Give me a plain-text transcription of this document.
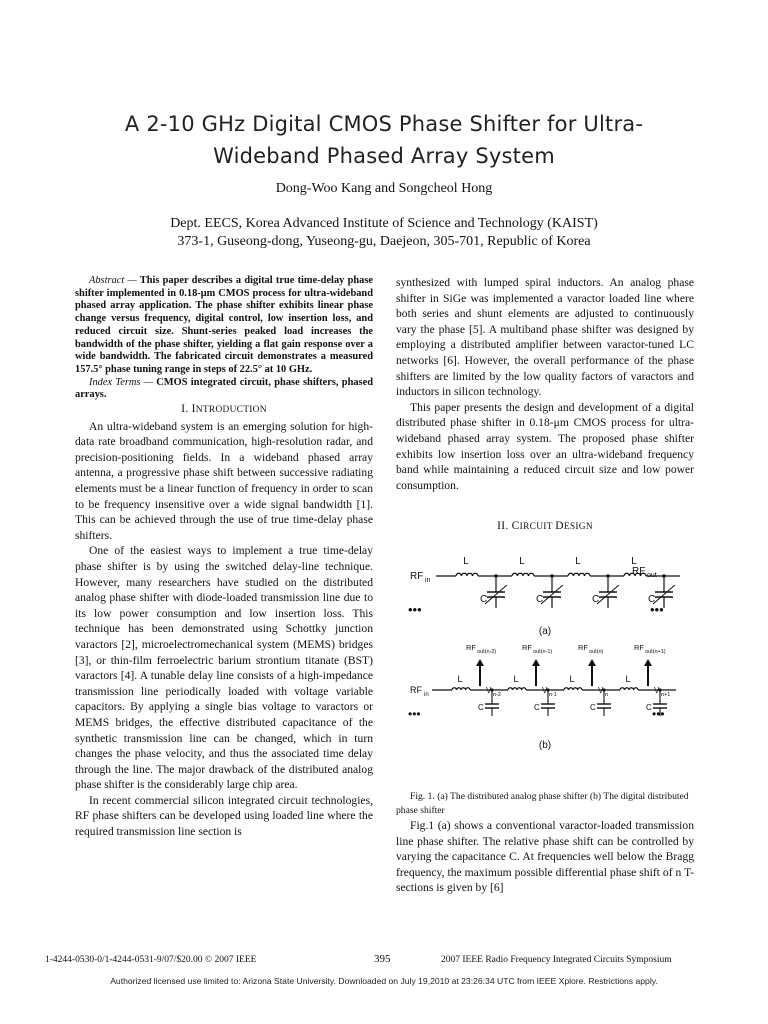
A 2-10 GHz Digital CMOS Phase Shifter for Ultra-
Wideband Phased Array System
Dong-Woo Kang and Songcheol Hong
Dept. EECS, Korea Advanced Institute of Science and Technology (KAIST)
373-1, Guseong-dong, Yuseong-gu, Daejeon, 305-701, Republic of Korea

Abstract — This paper describes a digital true time-delay phase shifter implemented in 0.18-μm CMOS process for ultra-wideband phased array application. The phase shifter exhibits linear phase change versus frequency, digital control, low insertion loss, and reduced circuit size. Shunt-series peaked load increases the bandwidth of the phase shifter, yielding a flat gain response over a wide bandwidth. The fabricated circuit demonstrates a measured 157.5° phase tuning range in steps of 22.5° at 10 GHz.

Index Terms — CMOS integrated circuit, phase shifters, phased arrays.

I. INTRODUCTION

An ultra-wideband system is an emerging solution for high-data rate broadband communication, high-resolution radar, and precision-positioning fields. In a wideband phased array antenna, a progressive phase shift between successive radiating elements must be a linear function of frequency in order to scan to be frequency insensitive over a wide signal bandwidth [1]. This can be achieved through the use of true time-delay phase shifters.

One of the easiest ways to implement a true time-delay phase shifter is by using the switched delay-line technique. However, many researchers have studied on the distributed analog phase shifter with diode-loaded transmission line due to its low power consumption and low insertion loss. This technique has been demonstrated using Schottky junction varactors [2], microelectromechanical system (MEMS) bridges [3], or thin-film ferroelectric barium strontium titanate (BST) varactors [4]. A tunable delay line consists of a high-impedance transmission line periodically loaded with voltage variable capacitors. By applying a single bias voltage to varactors or MEMS bridges, the effective distributed capacitance of the synthetic transmission line can be changed, which in turn changes the phase velocity, and thus the associated time delay through the line. The major drawback of the distributed analog phase shifter is the considerably large chip area.

In recent commercial silicon integrated circuit technologies, RF phase shifters can be developed using loaded line where the required transmission line section is

synthesized with lumped spiral inductors. An analog phase shifter in SiGe was implemented a varactor loaded line where both series and shunt elements are adjusted to continuously vary the phase [5]. A multiband phase shifter was designed by employing a distributed amplifier between varactor-tuned LC networks [6]. However, the overall performance of the phase shifters are limited by the low quality factors of varactors and inductors in silicon technology.

This paper presents the design and development of a digital distributed phase shifter in 0.18-μm CMOS process for ultra-wideband phased array system. The proposed phase shifter exhibits low insertion loss over an ultra-wideband frequency band while maintaining a reduced circuit size and low power consumption.

II. CIRCUIT DESIGN

RF in
L
C
L
C
L
C
L
C
RF out
•••	•••
(a)
RF in
L
V n-2
RF out(n-2)
C
L
V n-1
RF out(n-1)
C
L
V n
RF out(n)
C
L
V n+1
RF out(n+1)
C
•••	•••
(b)

Fig. 1. (a) The distributed analog phase shifter (b) The digital distributed phase shifter

Fig.1 (a) shows a conventional varactor-loaded transmission line phase shifter. The relative phase shift can be controlled by varying the capacitance C. At frequencies well below the Bragg frequency, the maximum possible differential phase shift of n T-sections is given by [6]

1-4244-0530-0/1-4244-0531-9/07/$20.00 © 2007 IEEE	395	2007 IEEE Radio Frequency Integrated Circuits Symposium
Authorized licensed use limited to: Arizona State University. Downloaded on July 19,2010 at 23:26:34 UTC from IEEE Xplore. Restrictions apply.
